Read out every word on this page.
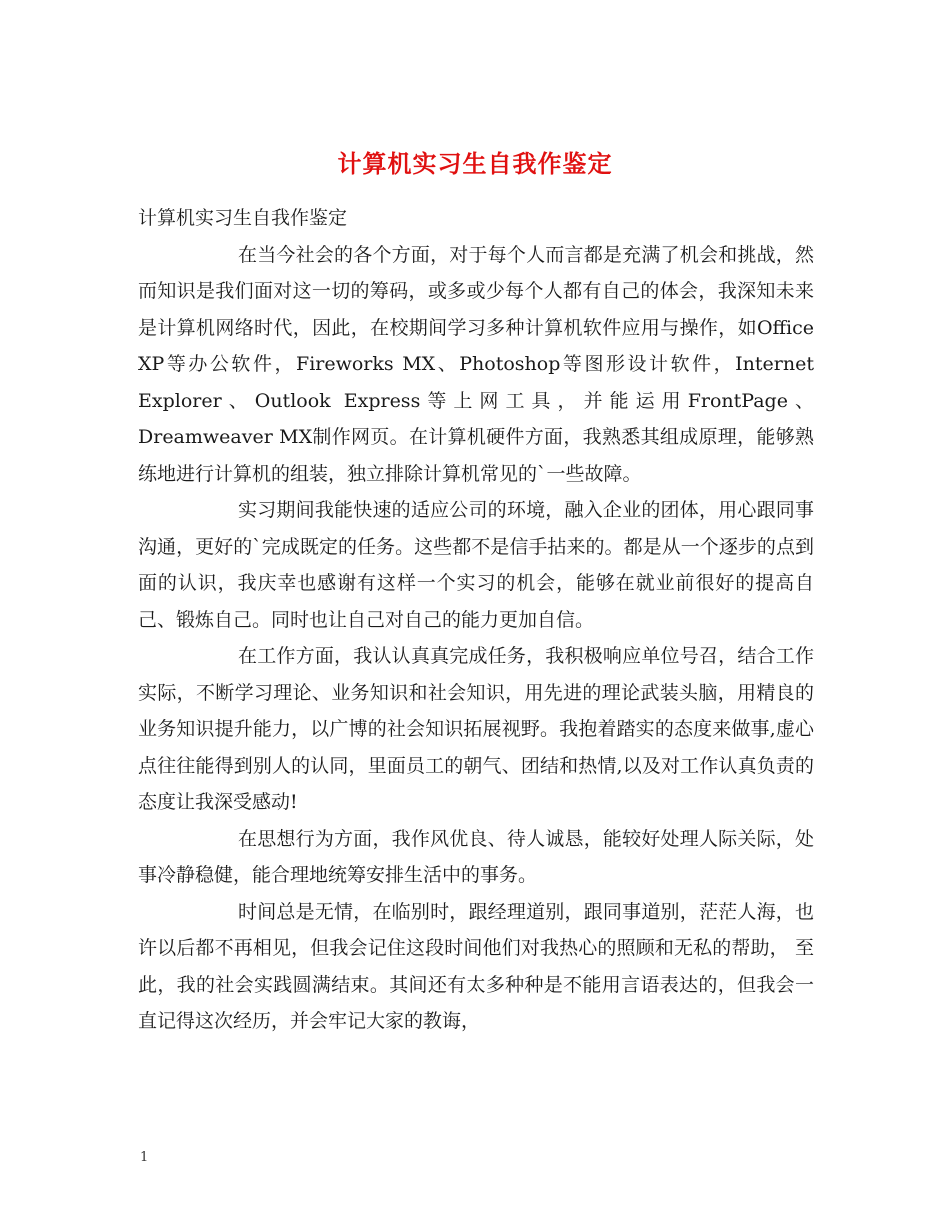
计算机实习生自我作鉴定

计算机实习生自我作鉴定

在当今社会的各个方面，对于每个人而言都是充满了机会和挑战，然而知识是我们面对这一切的筹码，或多或少每个人都有自己的体会，我深知未来是计算机网络时代，因此，在校期间学习多种计算机软件应用与操作，如Office XP等办公软件，Fireworks MX、Photoshop等图形设计软件，Internet Explorer、Outlook Express等上网工具，并能运用FrontPage、Dreamweaver MX制作网页。在计算机硬件方面，我熟悉其组成原理，能够熟练地进行计算机的组装，独立排除计算机常见的`一些故障。

实习期间我能快速的适应公司的环境，融入企业的团体，用心跟同事沟通，更好的`完成既定的任务。这些都不是信手拈来的。都是从一个逐步的点到面的认识，我庆幸也感谢有这样一个实习的机会，能够在就业前很好的提高自己、锻炼自己。同时也让自己对自己的能力更加自信。

在工作方面，我认认真真完成任务，我积极响应单位号召，结合工作实际，不断学习理论、业务知识和社会知识，用先进的理论武装头脑，用精良的业务知识提升能力，以广博的社会知识拓展视野。我抱着踏实的态度来做事,虚心点往往能得到别人的认同，里面员工的朝气、团结和热情,以及对工作认真负责的态度让我深受感动!

在思想行为方面，我作风优良、待人诚恳，能较好处理人际关际，处事冷静稳健，能合理地统筹安排生活中的事务。

时间总是无情，在临别时，跟经理道别，跟同事道别，茫茫人海，也许以后都不再相见，但我会记住这段时间他们对我热心的照顾和无私的帮助， 至此，我的社会实践圆满结束。其间还有太多种种是不能用言语表达的，但我会一直记得这次经历，并会牢记大家的教诲，

1
